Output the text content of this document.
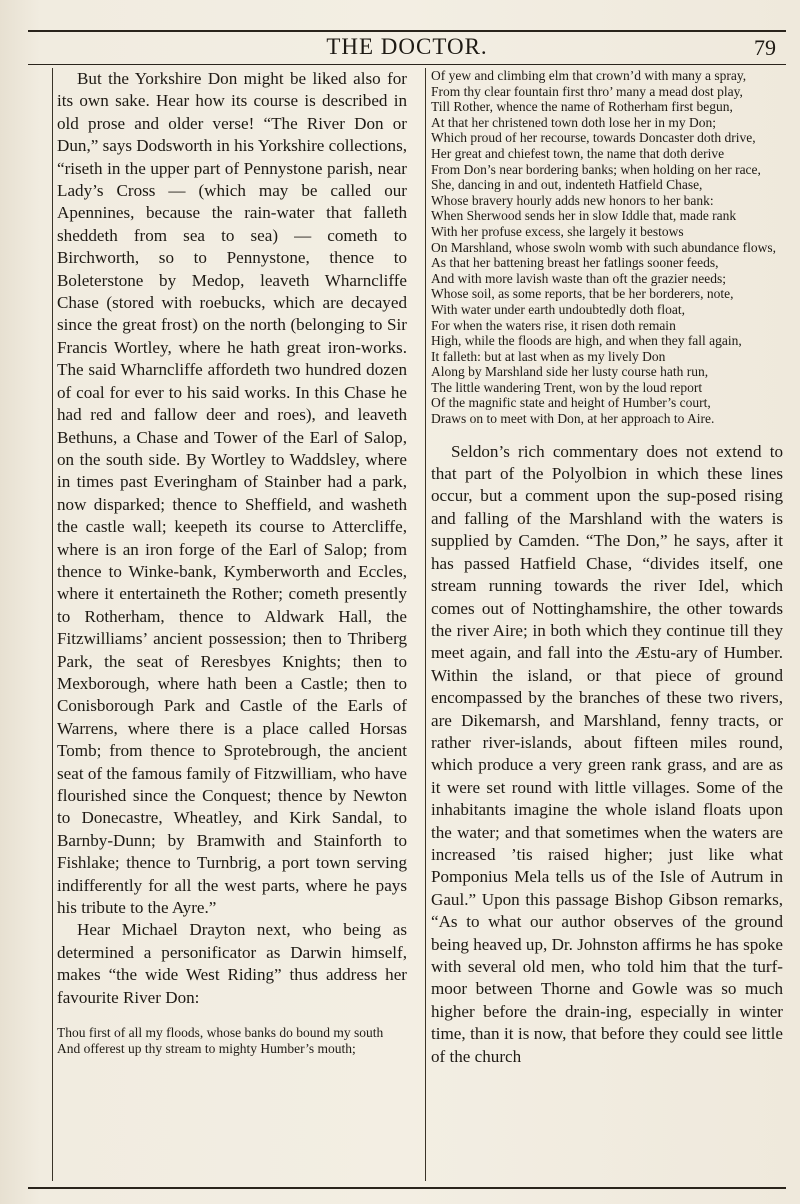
THE DOCTOR.	79

But the Yorkshire Don might be liked also for its own sake. Hear how its course is described in old prose and older verse! “The River Don or Dun,” says Dodsworth in his Yorkshire collections, “riseth in the upper part of Pennystone parish, near Lady’s Cross — (which may be called our Apennines, because the rain-water that falleth sheddeth from sea to sea) — cometh to Birchworth, so to Pennystone, thence to Boleterstone by Medop, leaveth Wharncliffe Chase (stored with roebucks, which are decayed since the great frost) on the north (belonging to Sir Francis Wortley, where he hath great iron-works. The said Wharncliffe affordeth two hundred dozen of coal for ever to his said works. In this Chase he had red and fallow deer and roes), and leaveth Bethuns, a Chase and Tower of the Earl of Salop, on the south side. By Wortley to Waddsley, where in times past Everingham of Stainber had a park, now disparked; thence to Sheffield, and washeth the castle wall; keepeth its course to Attercliffe, where is an iron forge of the Earl of Salop; from thence to Winke-bank, Kymberworth and Eccles, where it entertaineth the Rother; cometh presently to Rotherham, thence to Aldwark Hall, the Fitzwilliams’ ancient possession; then to Thriberg Park, the seat of Reresbyes Knights; then to Mexborough, where hath been a Castle; then to Conisborough Park and Castle of the Earls of Warrens, where there is a place called Horsas Tomb; from thence to Sprotebrough, the ancient seat of the famous family of Fitzwilliam, who have flourished since the Conquest; thence by Newton to Donecastre, Wheatley, and Kirk Sandal, to Barnby-Dunn; by Bramwith and Stainforth to Fishlake; thence to Turnbrig, a port town serving indifferently for all the west parts, where he pays his tribute to the Ayre.”

Hear Michael Drayton next, who being as determined a personificator as Darwin himself, makes “the wide West Riding” thus address her favourite River Don:

Thou first of all my floods, whose banks do bound my south
And offerest up thy stream to mighty Humber’s mouth;
Of yew and climbing elm that crown’d with many a spray,
From thy clear fountain first thro’ many a mead dost play,
Till Rother, whence the name of Rotherham first begun,
At that her christened town doth lose her in my Don;
Which proud of her recourse, towards Doncaster doth drive,
Her great and chiefest town, the name that doth derive
From Don’s near bordering banks; when holding on her race,
She, dancing in and out, indenteth Hatfield Chase,
Whose bravery hourly adds new honors to her bank:
When Sherwood sends her in slow Iddle that, made rank
With her profuse excess, she largely it bestows
On Marshland, whose swoln womb with such abundance flows,
As that her battening breast her fatlings sooner feeds,
And with more lavish waste than oft the grazier needs;
Whose soil, as some reports, that be her borderers, note,
With water under earth undoubtedly doth float,
For when the waters rise, it risen doth remain
High, while the floods are high, and when they fall again,
It falleth: but at last when as my lively Don
Along by Marshland side her lusty course hath run,
The little wandering Trent, won by the loud report
Of the magnific state and height of Humber’s court,
Draws on to meet with Don, at her approach to Aire.

Seldon’s rich commentary does not extend to that part of the Polyolbion in which these lines occur, but a comment upon the sup-posed rising and falling of the Marshland with the waters is supplied by Camden. “The Don,” he says, after it has passed Hatfield Chase, “divides itself, one stream running towards the river Idel, which comes out of Nottinghamshire, the other towards the river Aire; in both which they continue till they meet again, and fall into the Æstu-ary of Humber. Within the island, or that piece of ground encompassed by the branches of these two rivers, are Dikemarsh, and Marshland, fenny tracts, or rather river-islands, about fifteen miles round, which produce a very green rank grass, and are as it were set round with little villages. Some of the inhabitants imagine the whole island floats upon the water; and that sometimes when the waters are increased ’tis raised higher; just like what Pomponius Mela tells us of the Isle of Autrum in Gaul.” Upon this passage Bishop Gibson remarks, “As to what our author observes of the ground being heaved up, Dr. Johnston affirms he has spoke with several old men, who told him that the turf-moor between Thorne and Gowle was so much higher before the drain-ing, especially in winter time, than it is now, that before they could see little of the church
